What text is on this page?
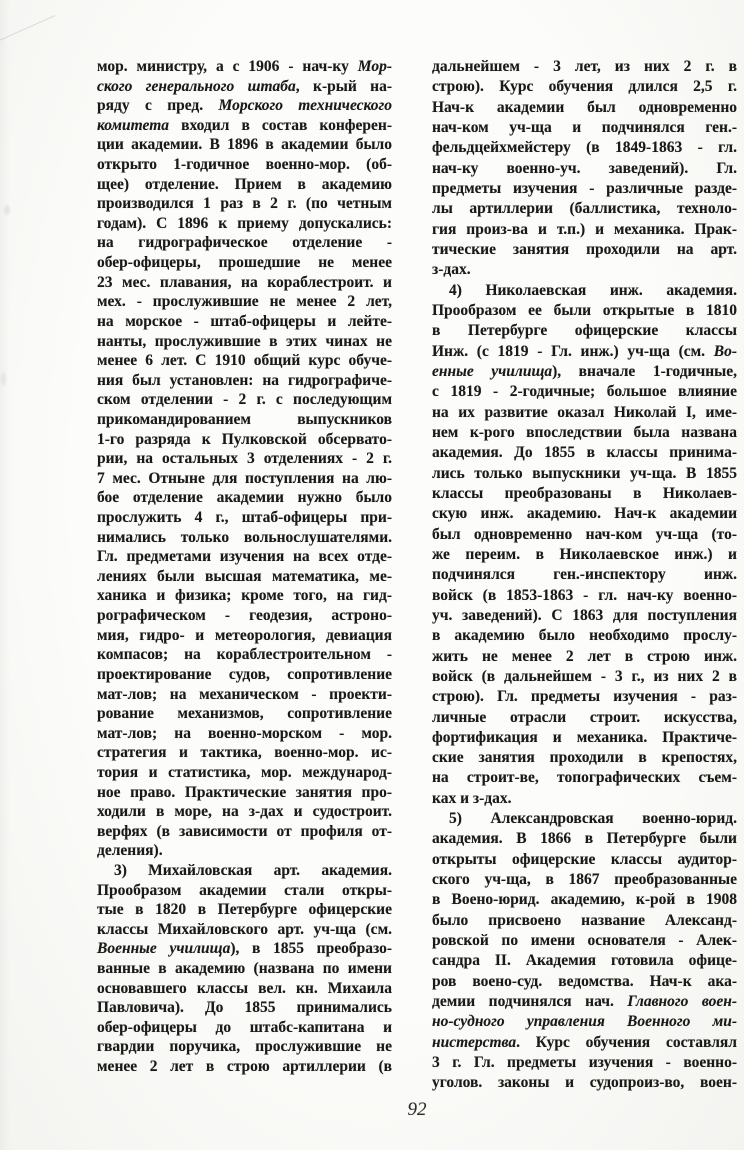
мор. министру, а с 1906 - нач-ку Мор-
ского генерального штаба, к-рый на-
ряду с пред. Морского технического
комитета входил в состав конферен-
ции академии. В 1896 в академии было
открыто 1-годичное военно-мор. (об-
щее) отделение. Прием в академию
производился 1 раз в 2 г. (по четным
годам). С 1896 к приему допускались:
на гидрографическое отделение -
обер-офицеры, прошедшие не менее
23 мес. плавания, на кораблестроит. и
мех. - прослужившие не менее 2 лет,
на морское - штаб-офицеры и лейте-
нанты, прослужившие в этих чинах не
менее 6 лет. С 1910 общий курс обуче-
ния был установлен: на гидрографиче-
ском отделении - 2 г. с последующим
прикомандированием выпускников
1-го разряда к Пулковской обсервато-
рии, на остальных 3 отделениях - 2 г.
7 мес. Отныне для поступления на лю-
бое отделение академии нужно было
прослужить 4 г., штаб-офицеры при-
нимались только вольнослушателями.
Гл. предметами изучения на всех отде-
лениях были высшая математика, ме-
ханика и физика; кроме того, на гид-
рографическом - геодезия, астроно-
мия, гидро- и метеорология, девиация
компасов; на кораблестроительном -
проектирование судов, сопротивление
мат-лов; на механическом - проекти-
рование механизмов, сопротивление
мат-лов; на военно-морском - мор.
стратегия и тактика, военно-мор. ис-
тория и статистика, мор. международ-
ное право. Практические занятия про-
ходили в море, на з-дах и судостроит.
верфях (в зависимости от профиля от-
деления).
3) Михайловская арт. академия.
Прообразом академии стали откры-
тые в 1820 в Петербурге офицерские
классы Михайловского арт. уч-ща (см.
Военные училища), в 1855 преобразо-
ванные в академию (названа по имени
основавшего классы вел. кн. Михаила
Павловича). До 1855 принимались
обер-офицеры до штабс-капитана и
гвардии поручика, прослужившие не
менее 2 лет в строю артиллерии (в
дальнейшем - 3 лет, из них 2 г. в
строю). Курс обучения длился 2,5 г.
Нач-к академии был одновременно
нач-ком уч-ща и подчинялся ген.-
фельдцейхмейстеру (в 1849-1863 - гл.
нач-ку военно-уч. заведений). Гл.
предметы изучения - различные разде-
лы артиллерии (баллистика, техноло-
гия произ-ва и т.п.) и механика. Прак-
тические занятия проходили на арт.
з-дах.
4) Николаевская инж. академия.
Прообразом ее были открытые в 1810
в Петербурге офицерские классы
Инж. (с 1819 - Гл. инж.) уч-ща (см. Во-
енные училища), вначале 1-годичные,
с 1819 - 2-годичные; большое влияние
на их развитие оказал Николай I, име-
нем к-рого впоследствии была названа
академия. До 1855 в классы принима-
лись только выпускники уч-ща. В 1855
классы преобразованы в Николаев-
скую инж. академию. Нач-к академии
был одновременно нач-ком уч-ща (то-
же переим. в Николаевское инж.) и
подчинялся ген.-инспектору инж.
войск (в 1853-1863 - гл. нач-ку военно-
уч. заведений). С 1863 для поступления
в академию было необходимо прослу-
жить не менее 2 лет в строю инж.
войск (в дальнейшем - 3 г., из них 2 в
строю). Гл. предметы изучения - раз-
личные отрасли строит. искусства,
фортификация и механика. Практиче-
ские занятия проходили в крепостях,
на строит-ве, топографических съем-
ках и з-дах.
5) Александровская военно-юрид.
академия. В 1866 в Петербурге были
открыты офицерские классы аудитор-
ского уч-ща, в 1867 преобразованные
в Воено-юрид. академию, к-рой в 1908
было присвоено название Александ-
ровской по имени основателя - Алек-
сандра II. Академия готовила офице-
ров воено-суд. ведомства. Нач-к ака-
демии подчинялся нач. Главного воен-
но-судного управления Военного ми-
нистерства. Курс обучения составлял
3 г. Гл. предметы изучения - военно-
уголов. законы и судопроиз-во, воен-
92
